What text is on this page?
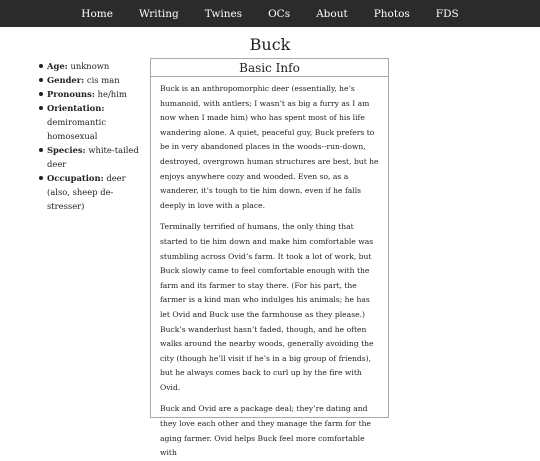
Home Writing Twines OCs About Photos FDS
Buck
Age: unknown
Gender: cis man
Pronouns: he/him
Orientation: demiromantic homosexual
Species: white-tailed deer
Occupation: deer (also, sheep de-stresser)
Basic Info

Buck is an anthropomorphic deer (essentially, he’s humanoid, with antlers; I wasn’t as big a furry as I am now when I made him) who has spent most of his life wandering alone. A quiet, peaceful guy, Buck prefers to be in very abandoned places in the woods--run-down, destroyed, overgrown human structures are best, but he enjoys anywhere cozy and wooded. Even so, as a wanderer, it’s tough to tie him down, even if he falls deeply in love with a place.

Terminally terrified of humans, the only thing that started to tie him down and make him comfortable was stumbling across Ovid’s farm. It took a lot of work, but Buck slowly came to feel comfortable enough with the farm and its farmer to stay there. (For his part, the farmer is a kind man who indulges his animals; he has let Ovid and Buck use the farmhouse as they please.) Buck’s wanderlust hasn’t faded, though, and he often walks around the nearby woods, generally avoiding the city (though he’ll visit if he’s in a big group of friends), but he always comes back to curl up by the fire with Ovid.

Buck and Ovid are a package deal; they’re dating and they love each other and they manage the farm for the aging farmer. Ovid helps Buck feel more comfortable with
